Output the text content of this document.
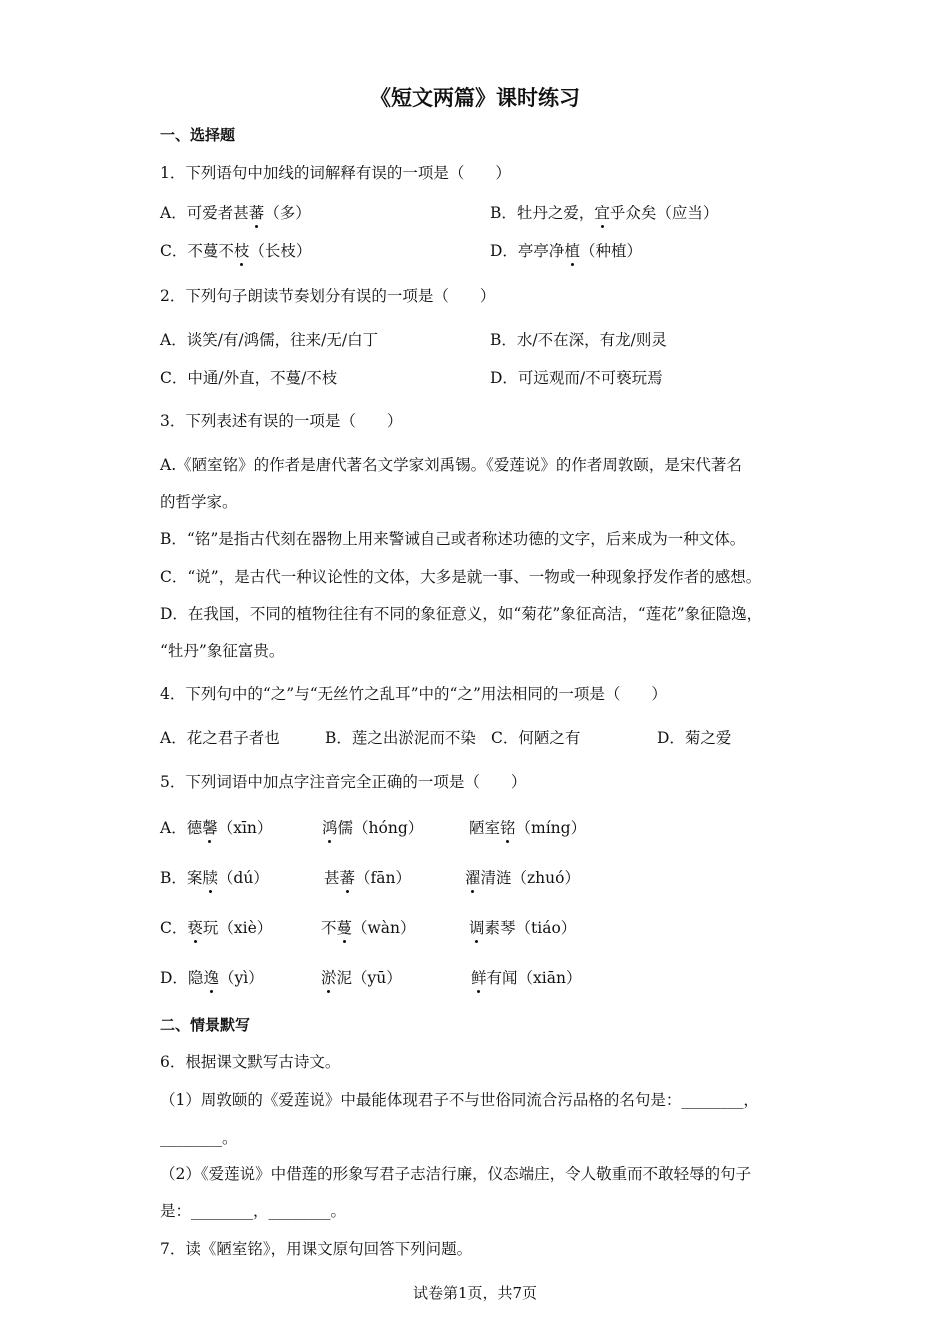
《短文两篇》课时练习
一、选择题
1．下列语句中加线的词解释有误的一项是（　　）
A．可爱者甚蕃（多）	B．牡丹之爱，宜乎众矣（应当）
C．不蔓不枝（长枝）	D．亭亭净植（种植）
2．下列句子朗读节奏划分有误的一项是（　　）
A．谈笑/有/鸿儒，往来/无/白丁	B．水/不在深，有龙/则灵
C．中通/外直，不蔓/不枝	D．可远观而/不可亵玩焉
3．下列表述有误的一项是（　　）
A.《陋室铭》的作者是唐代著名文学家刘禹锡。《爱莲说》的作者周敦颐，是宋代著名
的哲学家。
B．“铭”是指古代刻在器物上用来警诫自己或者称述功德的文字，后来成为一种文体。
C．“说”，是古代一种议论性的文体，大多是就一事、一物或一种现象抒发作者的感想。
D．在我国，不同的植物往往有不同的象征意义，如“菊花”象征高洁，“莲花”象征隐逸，
“牡丹”象征富贵。
4．下列句中的“之”与“无丝竹之乱耳”中的“之”用法相同的一项是（　　）
A．花之君子者也	B．莲之出淤泥而不染 C．何陋之有	D．菊之爱
5．下列词语中加点字注音完全正确的一项是（　　）
A．德馨（xīn）	鸿儒（hóng）	陋室铭（míng）
B．案牍（dú）	甚蕃（fān）	濯清涟（zhuó）
C．亵玩（xiè）	不蔓（wàn）	调素琴（tiáo）
D．隐逸（yì）	淤泥（yū）	鲜有闻（xiān）
二、情景默写
6．根据课文默写古诗文。
（1）周敦颐的《爱莲说》中最能体现君子不与世俗同流合污品格的名句是：________，
________。
（2）《爱莲说》中借莲的形象写君子志洁行廉，仪态端庄，令人敬重而不敢轻辱的句子
是：________，________。
7．读《陋室铭》，用课文原句回答下列问题。
试卷第1页，共7页
